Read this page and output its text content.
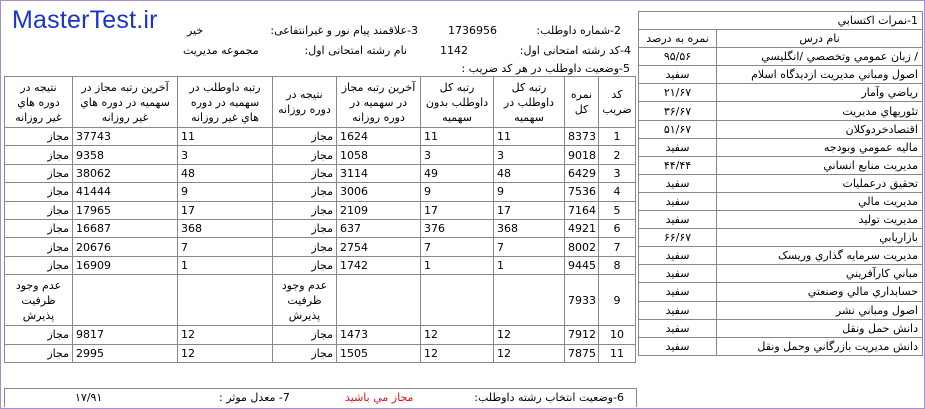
MasterTest.ir	2-شماره داوطلب:
1736956
3-علاقمند پیام نور و غیرانتفاعی:
خیر
4-کد رشته امتحانی اول:
1142
نام رشته امتحانی اول:
مجموعه مدیریت
5-وضعیت داوطلب در هر کد ضریب :
1-نمرات اکتسابي	
نمره به درصد	نام درس
۹۵/۵۶	/ زبان عمومي وتخصصي /انگليسي
سفيد	اصول ومباني مديريت ازديدگاه اسلام
۲۱/۶۷	رياضي وآمار
۳۶/۶۷	تئوريهاي مديريت
۵۱/۶۷	اقتصادخردوکلان
سفيد	ماليه عمومي وبودجه
۴۴/۴۴	مديريت منابع انساني
سفيد	تحقيق درعمليات
سفيد	مديريت مالي
سفيد	مديريت توليد
۶۶/۶۷	بازاريابي
سفيد	مديريت سرمايه گذاري وريسک
سفيد	مباني کارآفريني
سفيد	حسابداري مالي وصنعتي
سفيد	اصول ومباني نشر
سفيد	دانش حمل ونقل
سفيد	دانش مديريت بازرگاني وحمل ونقل
نتيجه در دوره هاي غير روزانه	آخرين رتبه مجاز در سهميه در دوره هاي غير روزانه	رتبه داوطلب در سهميه در دوره هاي غير روزانه	نتيجه در دوره روزانه	آخرين رتبه مجاز در سهميه در دوره روزانه	رتبه کل داوطلب بدون سهميه	رتبه کل داوطلب در سهميه	نمره کل	کد ضريب
مجاز	37743	11	مجاز	1624	11	11	8373	1
مجاز	9358	3	مجاز	1058	3	3	9018	2
مجاز	38062	48	مجاز	3114	49	48	6429	3
مجاز	41444	9	مجاز	3006	9	9	7536	4
مجاز	17965	17	مجاز	2109	17	17	7164	5
مجاز	16687	368	مجاز	637	376	368	4921	6
مجاز	20676	7	مجاز	2754	7	7	8002	7
مجاز	16909	1	مجاز	1742	1	1	9445	8
عدم وجود ظرفيت پذيرش			عدم وجود ظرفيت پذيرش				7933	9
مجاز	9817	12	مجاز	1473	12	12	7912	10
مجاز	2995	12	مجاز	1505	12	12	7875	11
6-وضعيت انتخاب رشته داوطلب:
مجاز مي باشيد
7- معدل موثر :
۱۷/۹۱
